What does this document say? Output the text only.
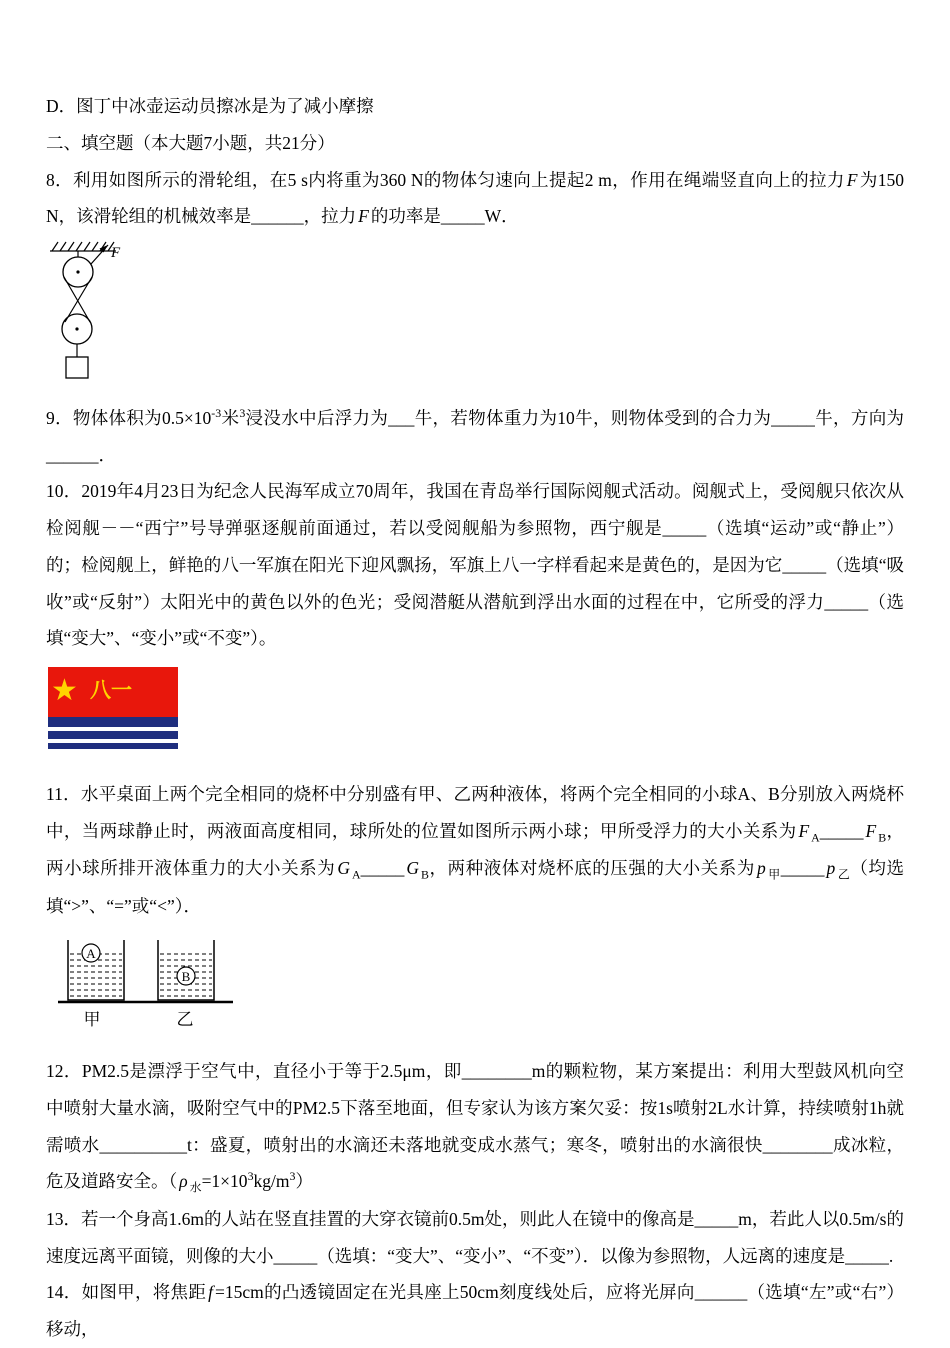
D．图丁中冰壶运动员擦冰是为了减小摩擦

二、填空题（本大题7小题，共21分）

8．利用如图所示的滑轮组，在5 s内将重为360 N的物体匀速向上提起2 m，作用在绳端竖直向上的拉力 F 为150 N，该滑轮组的机械效率是______，拉力 F 的功率是_____W．

F

9．物体体积为$0.5\times 10^{-3}$米$^3$浸没水中后浮力为___牛，若物体重力为10牛，则物体受到的合力为_____牛，方向为______．

10．2019年4月23日为纪念人民海军成立70周年，我国在青岛举行国际阅舰式活动。阅舰式上，受阅舰只依次从检阅舰－－“西宁”号导弹驱逐舰前面通过，若以受阅舰船为参照物，西宁舰是_____（选填“运动”或“静止”）的；检阅舰上，鲜艳的八一军旗在阳光下迎风飘扬，军旗上八一字样看起来是黄色的，是因为它_____（选填“吸收”或“反射”）太阳光中的黄色以外的色光；受阅潜艇从潜航到浮出水面的过程在中，它所受的浮力_____（选填“变大”、“变小”或“不变”）。

★ 八一

11．水平桌面上两个完全相同的烧杯中分别盛有甲、乙两种液体，将两个完全相同的小球A、B分别放入两烧杯中，当两球静止时，两液面高度相同，球所处的位置如图所示两小球；甲所受浮力的大小关系为 F $_A$_____ F $_B$，两小球所排开液体重力的大小关系为 G $_A$_____ G $_B$，两种液体对烧杯底的压强的大小关系为 p $_甲$_____ p $_乙$（均选填“>”、“=”或“<”）．

A
B
甲	乙

12．PM2.5是漂浮于空气中，直径小于等于2.5μm，即________m的颗粒物，某方案提出：利用大型鼓风机向空中喷射大量水滴，吸附空气中的PM2.5下落至地面，但专家认为该方案欠妥：按1s喷射2L水计算，持续喷射1h就需喷水__________t：盛夏，喷射出的水滴还未落地就变成水蒸气；寒冬，喷射出的水滴很快________成冰粒，危及道路安全。（ ρ $_水=1\times 10^3kg/m^3$）

13．若一个身高1.6m的人站在竖直挂置的大穿衣镜前0.5m处，则此人在镜中的像高是_____m，若此人以0.5m/s的速度远离平面镜，则像的大小_____（选填：“变大”、“变小”、“不变”）．以像为参照物，人远离的速度是_____.

14．如图甲，将焦距 f =15cm的凸透镜固定在光具座上50cm刻度线处后，应将光屏向______（选填“左”或“右”）移动，
